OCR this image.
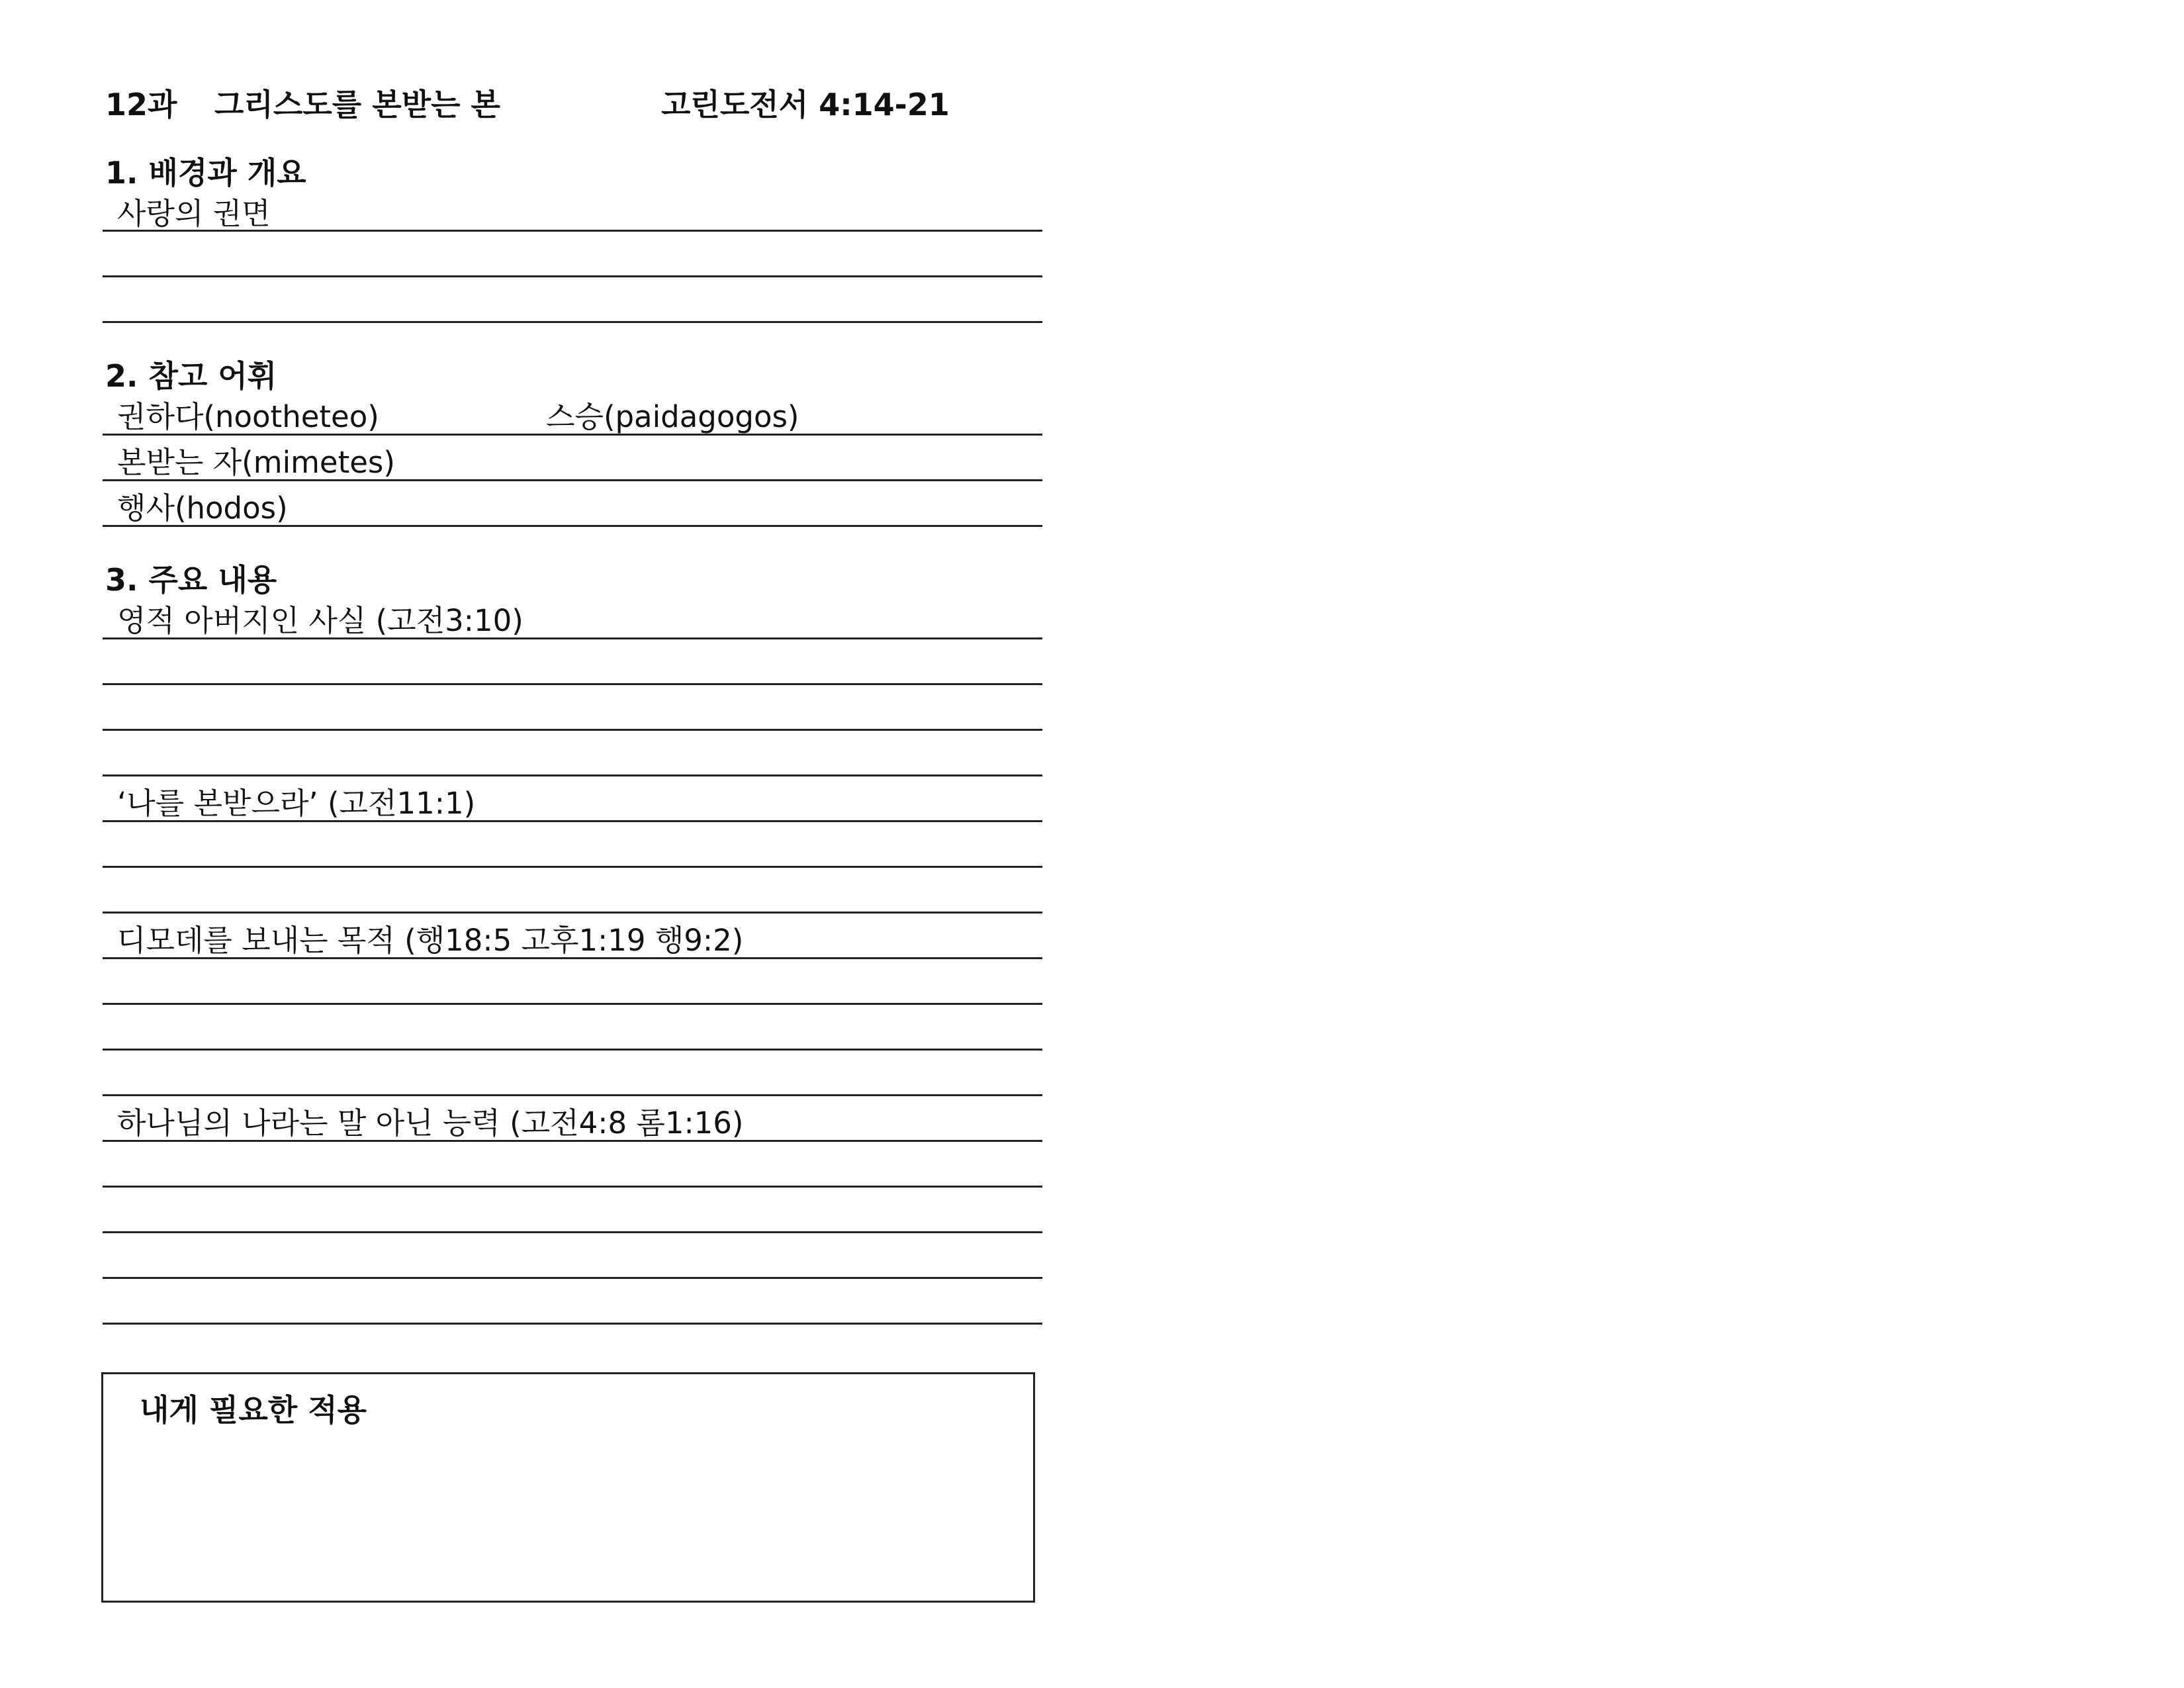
12과 그리스도를 본받는 본	고린도전서 4:14-21
1. 배경과 개요
사랑의 권면
2. 참고 어휘
권하다(nootheteo)	스승(paidagogos)
본받는 자(mimetes)
행사(hodos)
3. 주요 내용
영적 아버지인 사실 (고전3:10)
‘나를 본받으라’ (고전11:1)
디모데를 보내는 목적 (행18:5 고후1:19 행9:2)
하나님의 나라는 말 아닌 능력 (고전4:8 롬1:16)
내게 필요한 적용
